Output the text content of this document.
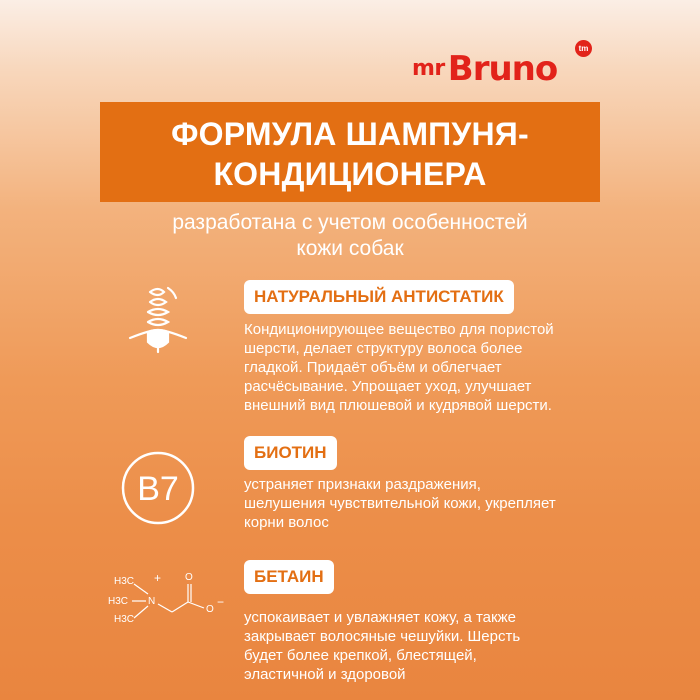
mr Bruno
tm
ФОРМУЛА ШАМПУНЯ-
КОНДИЦИОНЕРА
разработана с учетом особенностей
кожи собак
НАТУРАЛЬНЫЙ АНТИСТАТИК
Кондиционирующее вещество для пористой
шерсти, делает структуру волоса более
гладкой. Придаёт объём и облегчает
расчёсывание. Упрощает уход, улучшает
внешний вид плюшевой и кудрявой шерсти.
B7
БИОТИН
устраняет признаки раздражения,
шелушения чувствительной кожи, укрепляет
корни волос
H3C
H3C
H3C
N
+ O
O
−
БЕТАИН
успокаивает и увлажняет кожу, а также
закрывает волосяные чешуйки. Шерсть
будет более крепкой, блестящей,
эластичной и здоровой
